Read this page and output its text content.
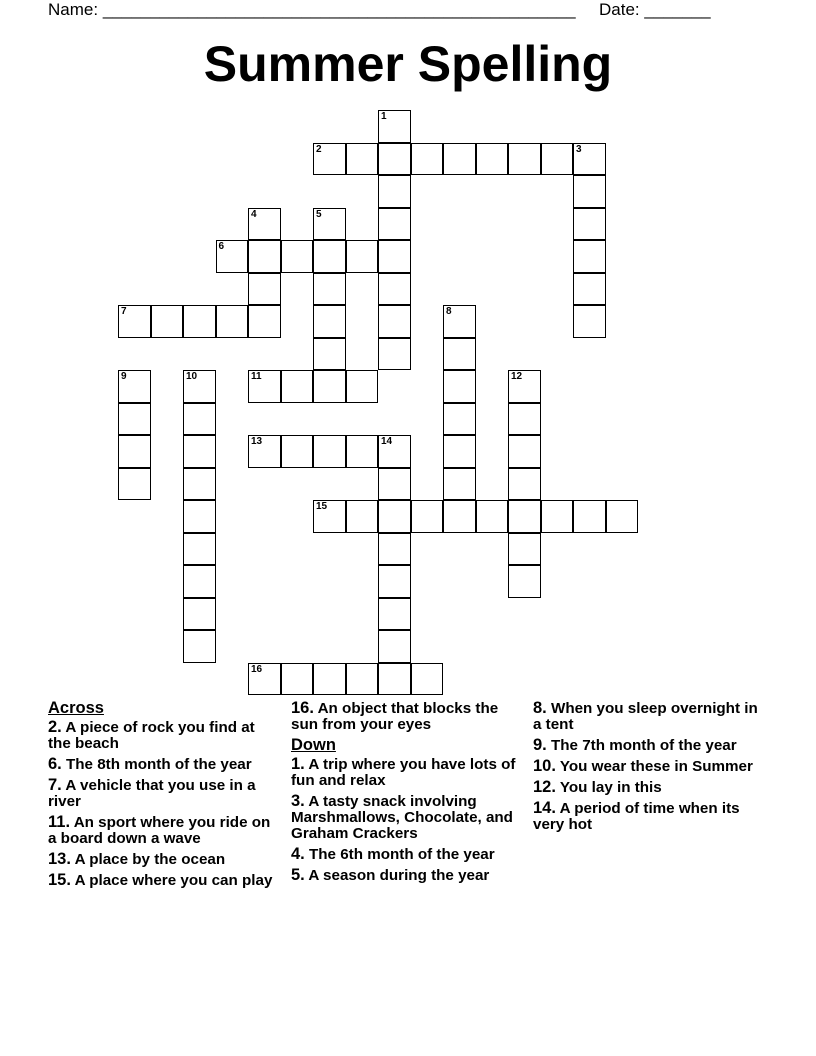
Name: __________________________________________________ Date: _______
Summer Spelling
1
2	3
4	5
6
7	8
9	10	11	12
13	14
15
16
Across
2. A piece of rock you find at the beach
6. The 8th month of the year
7. A vehicle that you use in a river
11. An sport where you ride on a board down a wave
13. A place by the ocean
15. A place where you can play
16. An object that blocks the sun from your eyes
Down
1. A trip where you have lots of fun and relax
3. A tasty snack involving Marshmallows, Chocolate, and Graham Crackers
4. The 6th month of the year
5. A season during the year
8. When you sleep overnight in a tent
9. The 7th month of the year
10. You wear these in Summer
12. You lay in this
14. A period of time when its very hot
